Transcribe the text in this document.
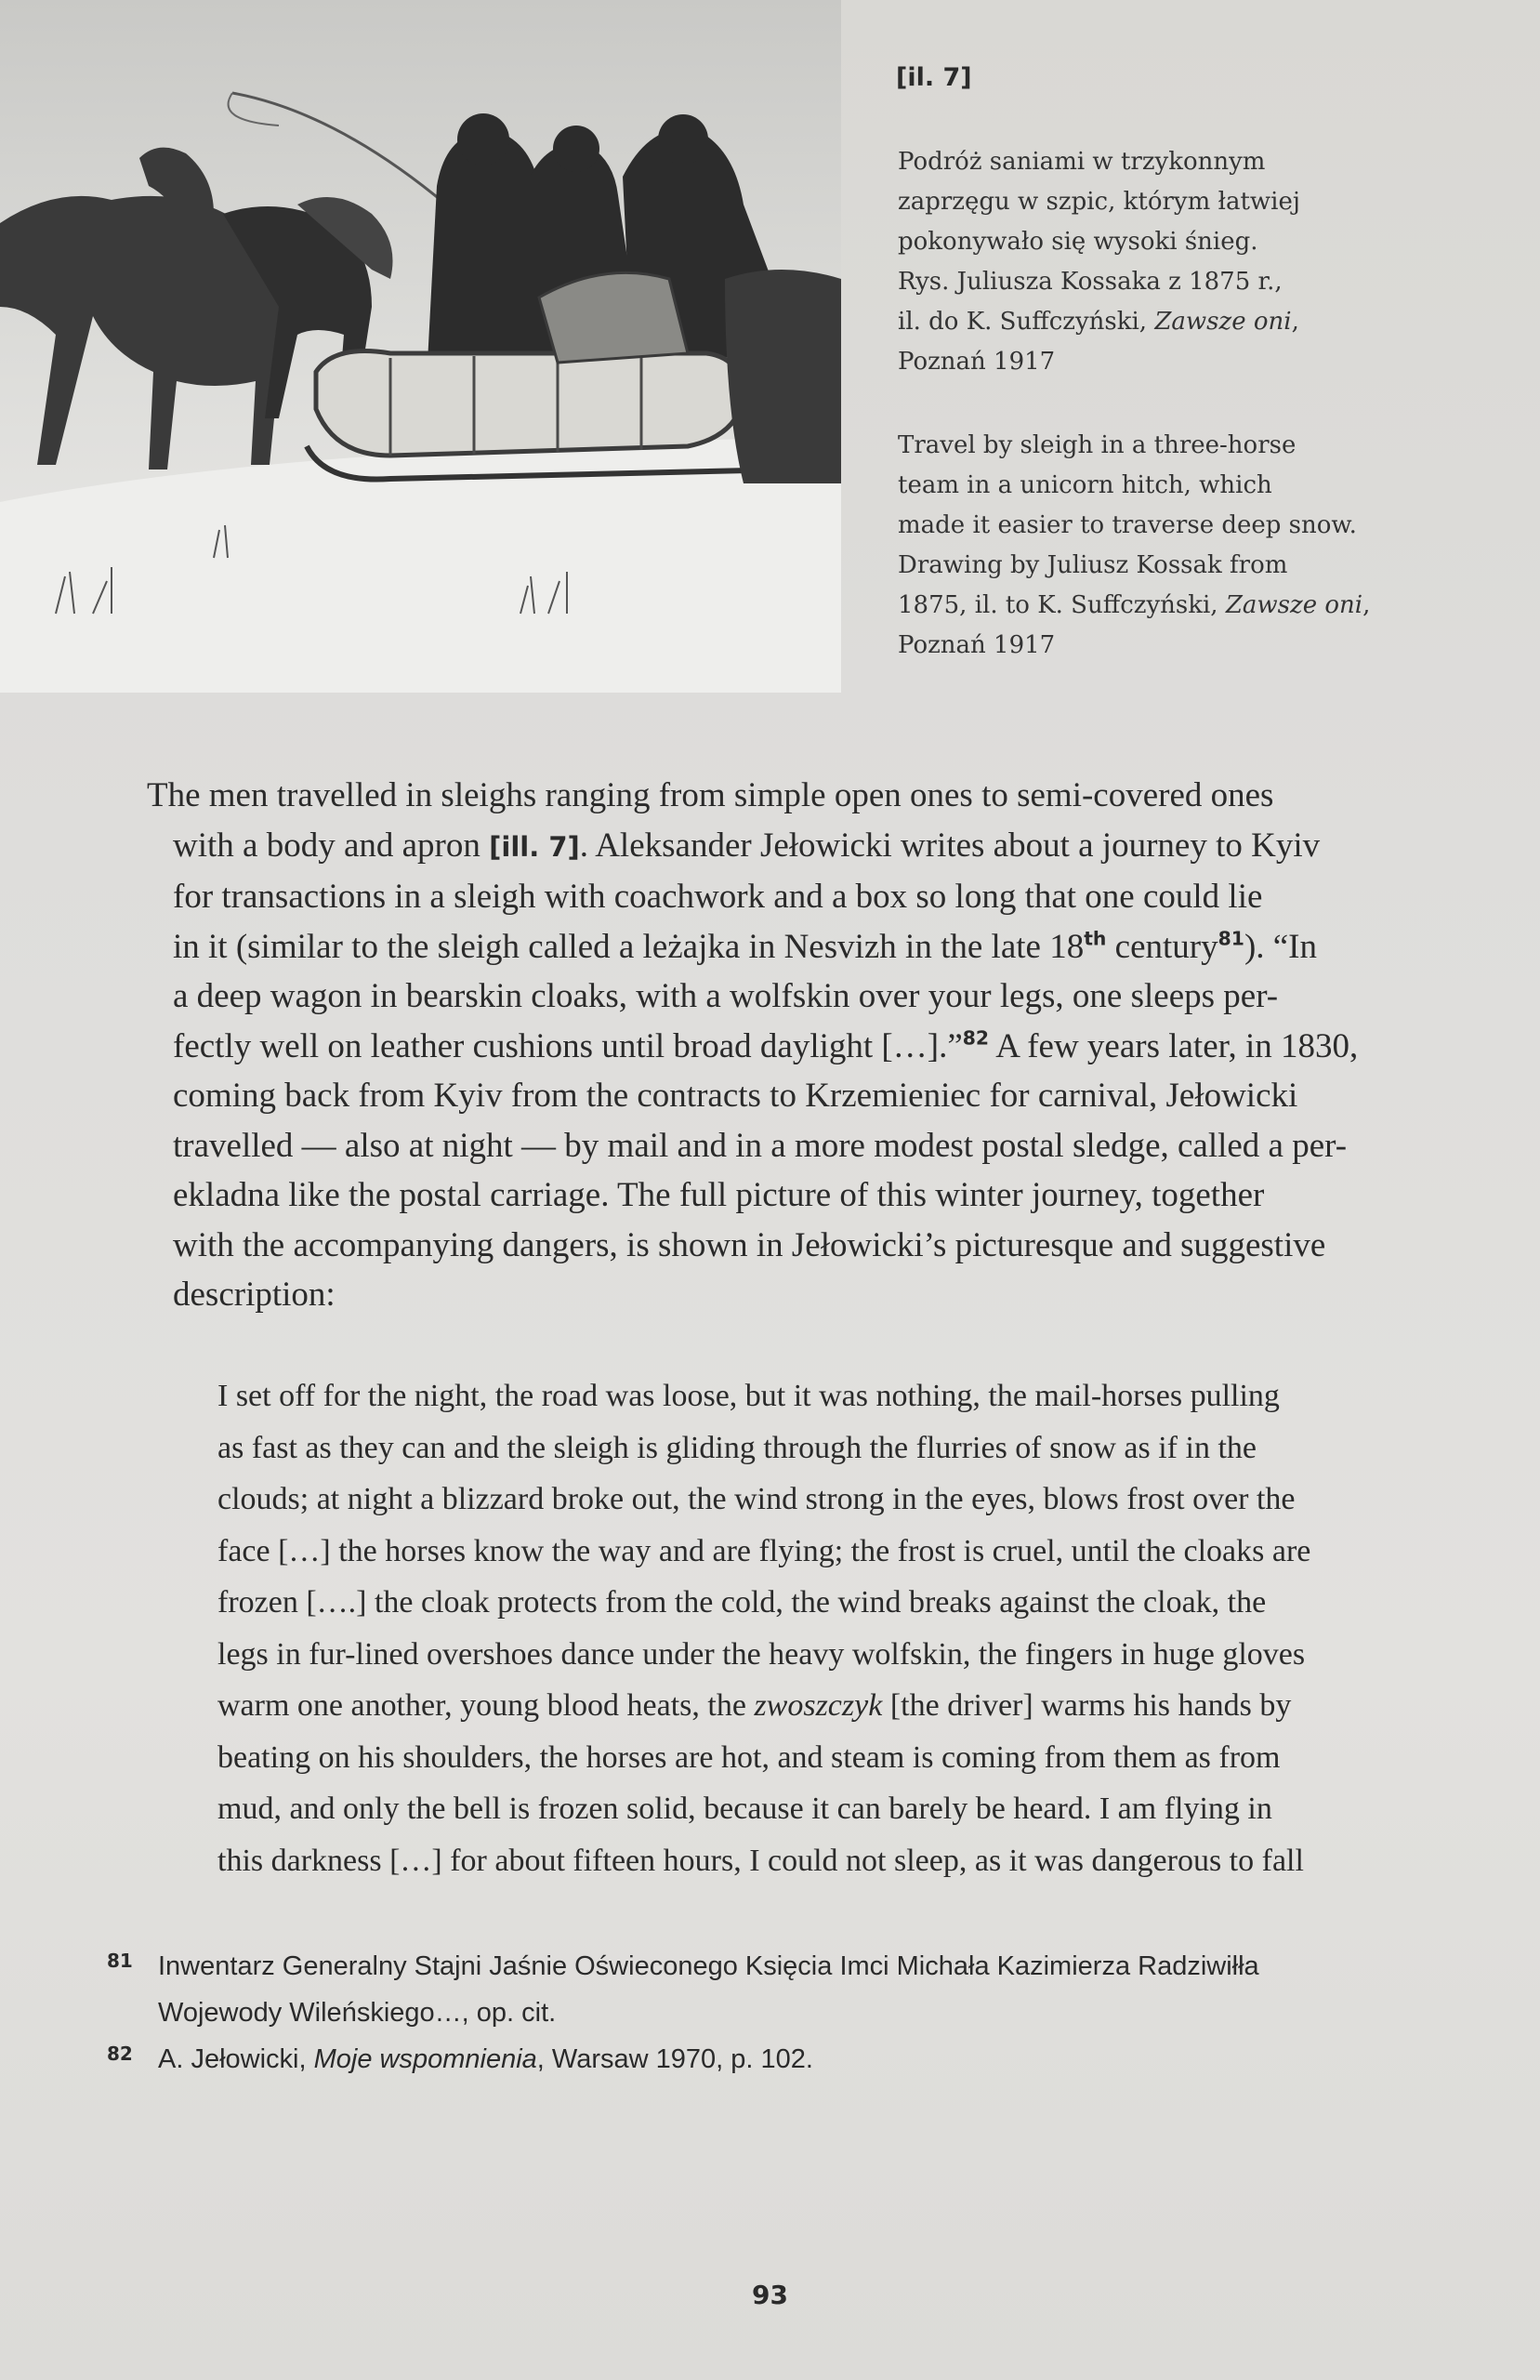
[il. 7]

Podróż saniami w trzykonnym

zaprzęgu w szpic, którym łatwiej

pokonywało się wysoki śnieg.

Rys. Juliusza Kossaka z 1875 r.,

il. do K. Suffczyński, Zawsze oni,

Poznań 1917

Travel by sleigh in a three-horse

team in a unicorn hitch, which

made it easier to traverse deep snow.

Drawing by Juliusz Kossak from

1875, il. to K. Suffczyński, Zawsze oni,

Poznań 1917

The men travelled in sleighs ranging from simple open ones to semi-covered ones

with a body and apron [ill. 7]. Aleksander Jełowicki writes about a journey to Kyiv

for transactions in a sleigh with coachwork and a box so long that one could lie

in it (similar to the sleigh called a leżajka in Nesvizh in the late 18th century$^{81}$). “In

a deep wagon in bearskin cloaks, with a wolfskin over your legs, one sleeps per-

fectly well on leather cushions until broad daylight […].”$^{82}$ A few years later, in 1830,

coming back from Kyiv from the contracts to Krzemieniec for carnival, Jełowicki

travelled — also at night — by mail and in a more modest postal sledge, called a per-

ekladna like the postal carriage. The full picture of this winter journey, together

with the accompanying dangers, is shown in Jełowicki’s picturesque and suggestive

description:

I set off for the night, the road was loose, but it was nothing, the mail-horses pulling

as fast as they can and the sleigh is gliding through the flurries of snow as if in the

clouds; at night a blizzard broke out, the wind strong in the eyes, blows frost over the

face […] the horses know the way and are flying; the frost is cruel, until the cloaks are

frozen [….] the cloak protects from the cold, the wind breaks against the cloak, the

legs in fur-lined overshoes dance under the heavy wolfskin, the fingers in huge gloves

warm one another, young blood heats, the zwoszczyk [the driver] warms his hands by

beating on his shoulders, the horses are hot, and steam is coming from them as from

mud, and only the bell is frozen solid, because it can barely be heard. I am flying in

this darkness […] for about fifteen hours, I could not sleep, as it was dangerous to fall

81 Inwentarz Generalny Stajni Jaśnie Oświeconego Księcia Imci Michała Kazimierza Radziwiłła
Wojewody Wileńskiego…, op. cit.
82 A. Jełowicki, Moje wspomnienia, Warsaw 1970, p. 102.
93
